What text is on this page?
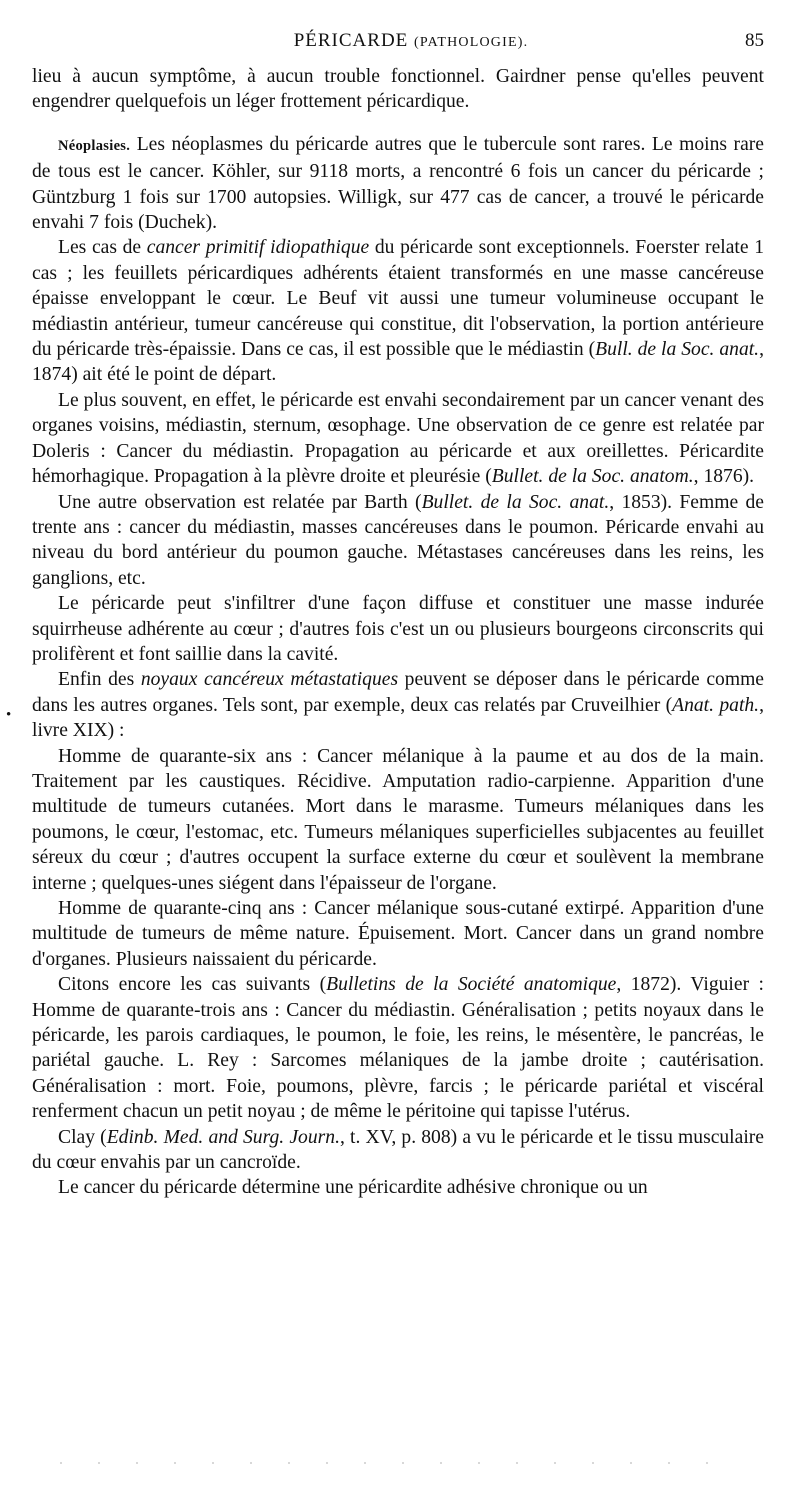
PÉRICARDE (PATHOLOGIE).	85
•

lieu à aucun symptôme, à aucun trouble fonctionnel. Gairdner pense qu'elles peuvent engendrer quelquefois un léger frottement péricardique.

Néoplasies. Les néoplasmes du péricarde autres que le tubercule sont rares. Le moins rare de tous est le cancer. Köhler, sur 9118 morts, a rencontré 6 fois un cancer du péricarde ; Güntzburg 1 fois sur 1700 autopsies. Willigk, sur 477 cas de cancer, a trouvé le péricarde envahi 7 fois (Duchek).

Les cas de cancer primitif idiopathique du péricarde sont exceptionnels. Foerster relate 1 cas ; les feuillets péricardiques adhérents étaient transformés en une masse cancéreuse épaisse enveloppant le cœur. Le Beuf vit aussi une tumeur volumineuse occupant le médiastin antérieur, tumeur cancéreuse qui constitue, dit l'observation, la portion antérieure du péricarde très-épaissie. Dans ce cas, il est possible que le médiastin (Bull. de la Soc. anat., 1874) ait été le point de départ.

Le plus souvent, en effet, le péricarde est envahi secondairement par un cancer venant des organes voisins, médiastin, sternum, œsophage. Une observation de ce genre est relatée par Doleris : Cancer du médiastin. Propagation au péricarde et aux oreillettes. Péricardite hémorhagique. Propagation à la plèvre droite et pleurésie (Bullet. de la Soc. anatom., 1876).

Une autre observation est relatée par Barth (Bullet. de la Soc. anat., 1853). Femme de trente ans : cancer du médiastin, masses cancéreuses dans le poumon. Péricarde envahi au niveau du bord antérieur du poumon gauche. Métastases cancéreuses dans les reins, les ganglions, etc.

Le péricarde peut s'infiltrer d'une façon diffuse et constituer une masse indurée squirrheuse adhérente au cœur ; d'autres fois c'est un ou plusieurs bourgeons circonscrits qui prolifèrent et font saillie dans la cavité.

Enfin des noyaux cancéreux métastatiques peuvent se déposer dans le péricarde comme dans les autres organes. Tels sont, par exemple, deux cas relatés par Cruveilhier (Anat. path., livre XIX) :

Homme de quarante-six ans : Cancer mélanique à la paume et au dos de la main. Traitement par les caustiques. Récidive. Amputation radio-carpienne. Apparition d'une multitude de tumeurs cutanées. Mort dans le marasme. Tumeurs mélaniques dans les poumons, le cœur, l'estomac, etc. Tumeurs mélaniques superficielles subjacentes au feuillet séreux du cœur ; d'autres occupent la surface externe du cœur et soulèvent la membrane interne ; quelques-unes siégent dans l'épaisseur de l'organe.

Homme de quarante-cinq ans : Cancer mélanique sous-cutané extirpé. Apparition d'une multitude de tumeurs de même nature. Épuisement. Mort. Cancer dans un grand nombre d'organes. Plusieurs naissaient du péricarde.

Citons encore les cas suivants (Bulletins de la Société anatomique, 1872). Viguier : Homme de quarante-trois ans : Cancer du médiastin. Généralisation ; petits noyaux dans le péricarde, les parois cardiaques, le poumon, le foie, les reins, le mésentère, le pancréas, le pariétal gauche. L. Rey : Sarcomes mélaniques de la jambe droite ; cautérisation. Généralisation : mort. Foie, poumons, plèvre, farcis ; le péricarde pariétal et viscéral renferment chacun un petit noyau ; de même le péritoine qui tapisse l'utérus.

Clay (Edinb. Med. and Surg. Journ., t. XV, p. 808) a vu le péricarde et le tissu musculaire du cœur envahis par un cancroïde.

Le cancer du péricarde détermine une péricardite adhésive chronique ou un
